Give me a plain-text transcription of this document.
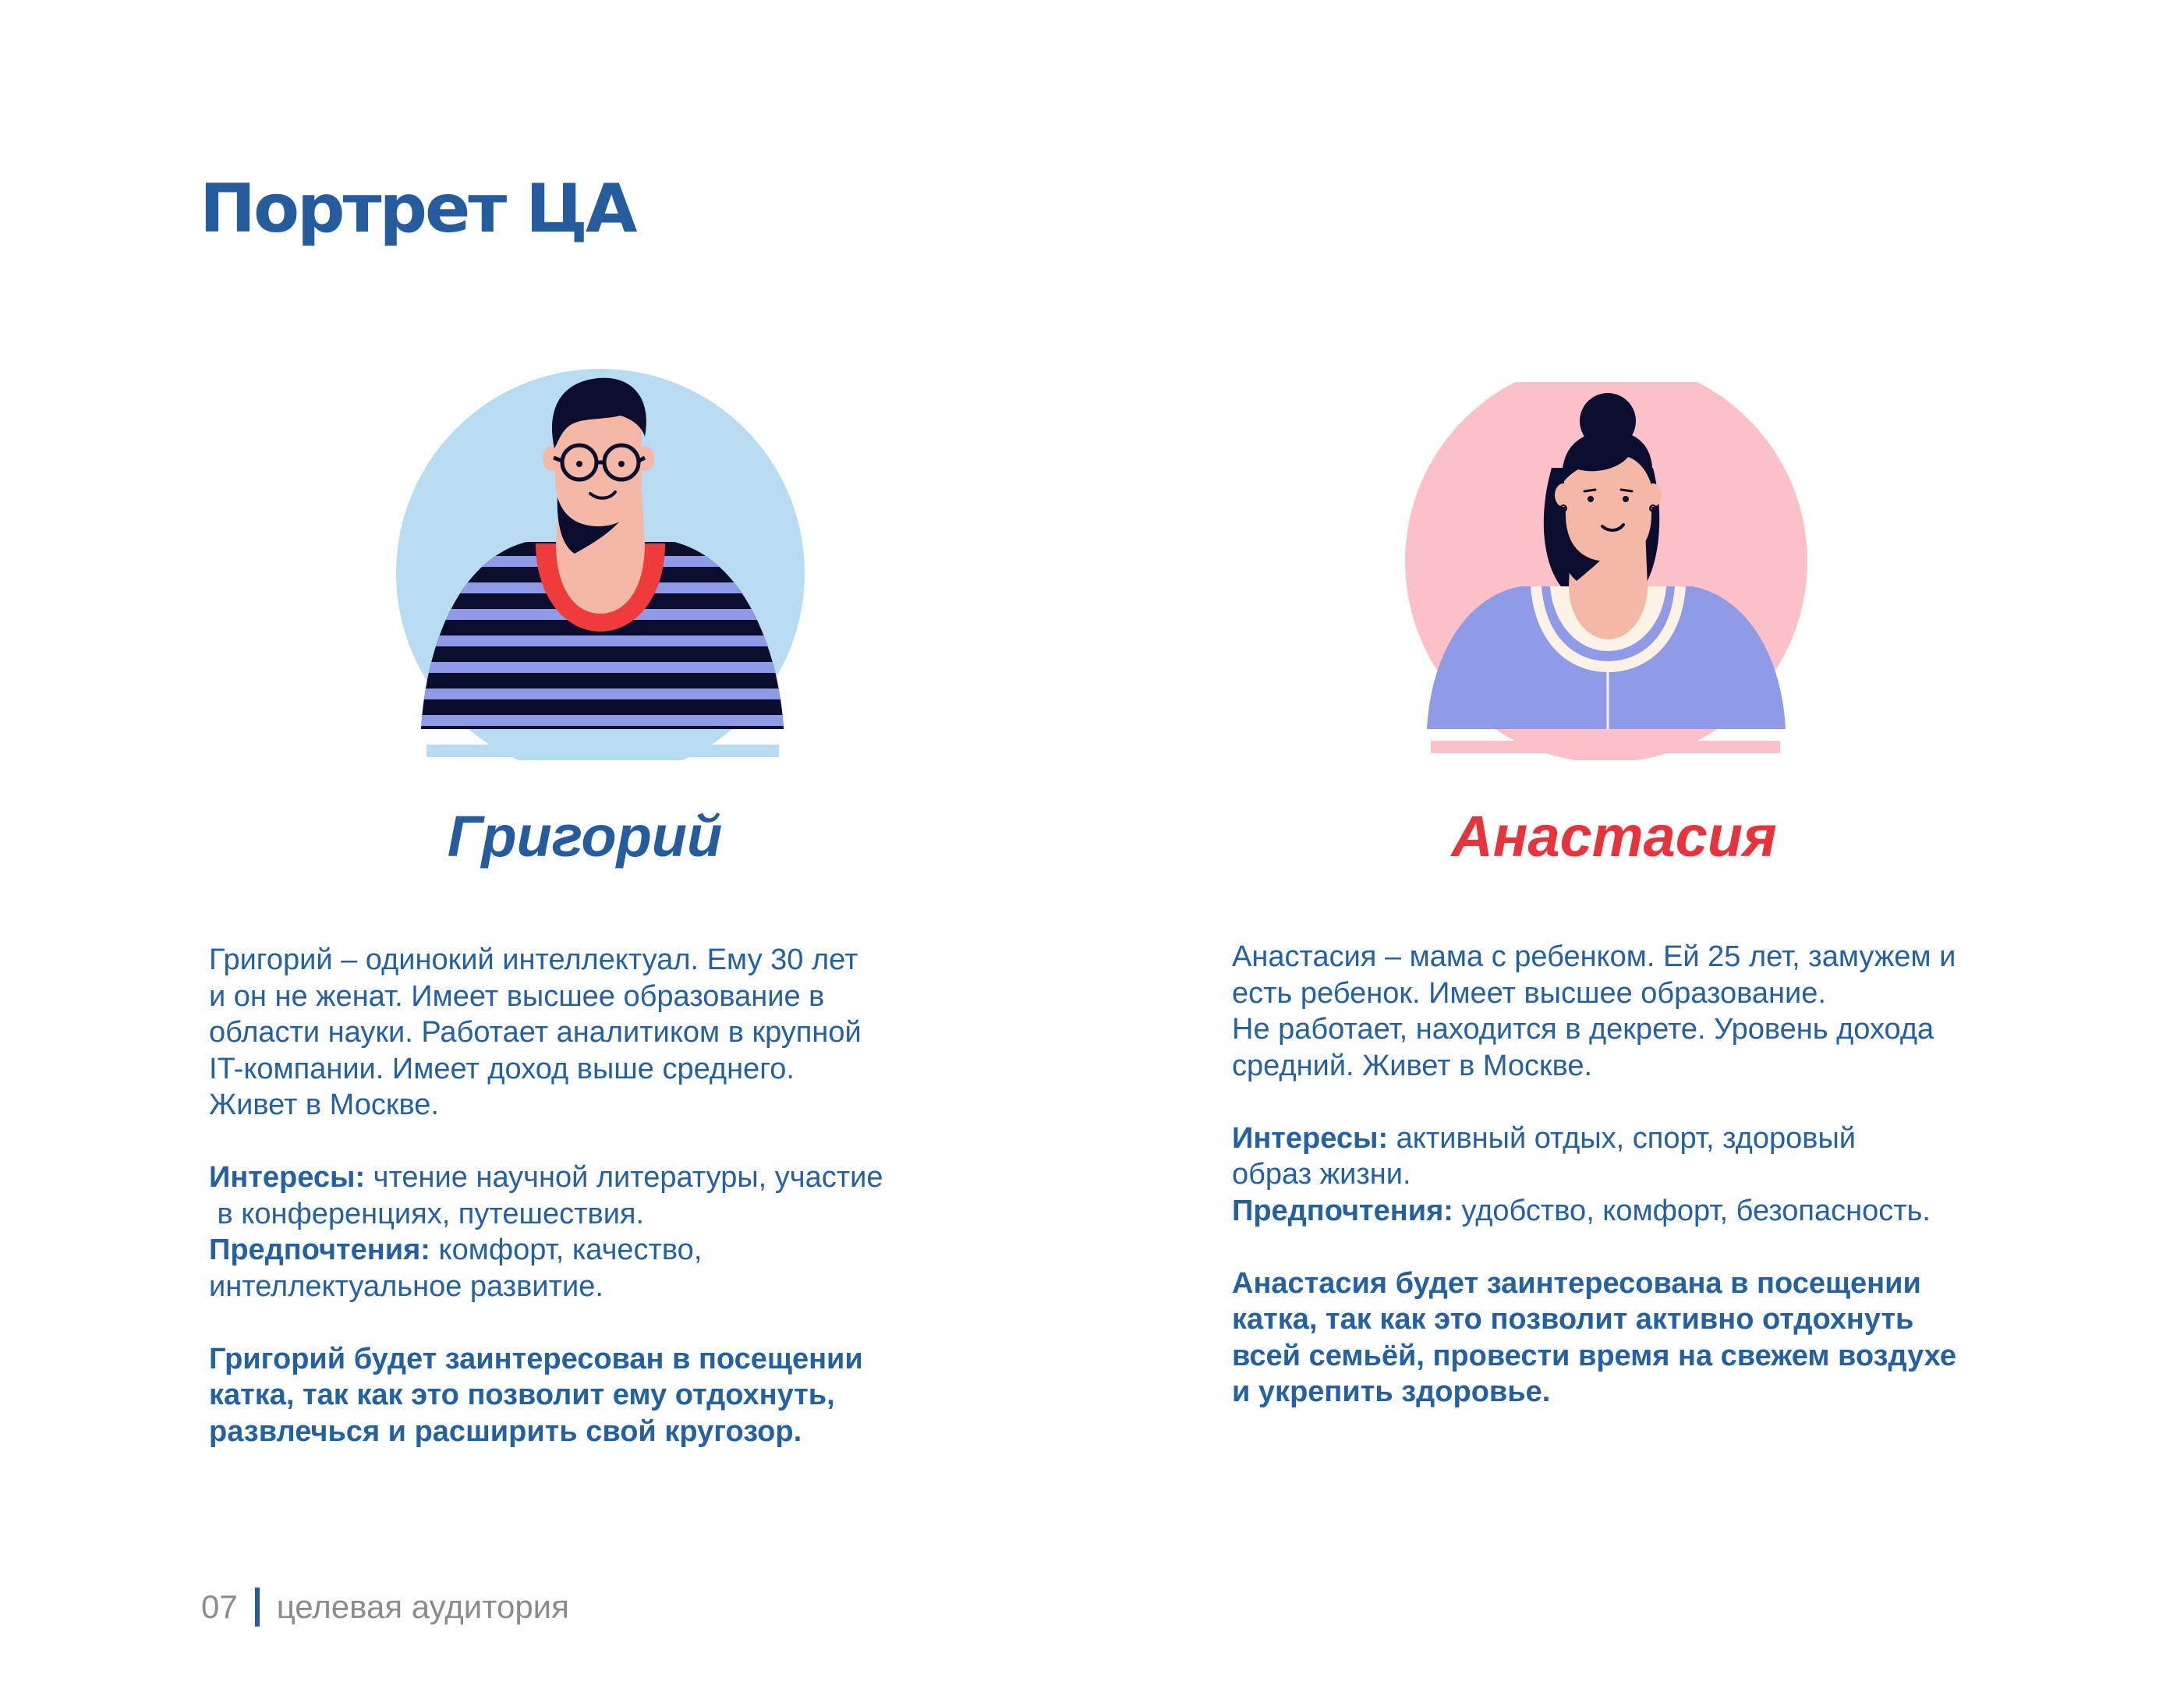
Портрет ЦА
Григорий	Анастасия

Григорий – одинокий интеллектуал. Ему 30 лет
и он не женат. Имеет высшее образование в
области науки. Работает аналитиком в крупной
IT-компании. Имеет доход выше среднего.
Живет в Москве.

Интересы: чтение научной литературы, участие
в конференциях, путешествия.
Предпочтения: комфорт, качество,
интеллектуальное развитие.

Григорий будет заинтересован в посещении
катка, так как это позволит ему отдохнуть,
развлечься и расширить свой кругозор.

Анастасия – мама с ребенком. Ей 25 лет, замужем и
есть ребенок. Имеет высшее образование.
Не работает, находится в декрете. Уровень дохода
средний. Живет в Москве.

Интересы: активный отдых, спорт, здоровый
образ жизни.
Предпочтения: удобство, комфорт, безопасность.

Анастасия будет заинтересована в посещении
катка, так как это позволит активно отдохнуть
всей семьёй, провести время на свежем воздухе
и укрепить здоровье.

07 целевая аудитория
